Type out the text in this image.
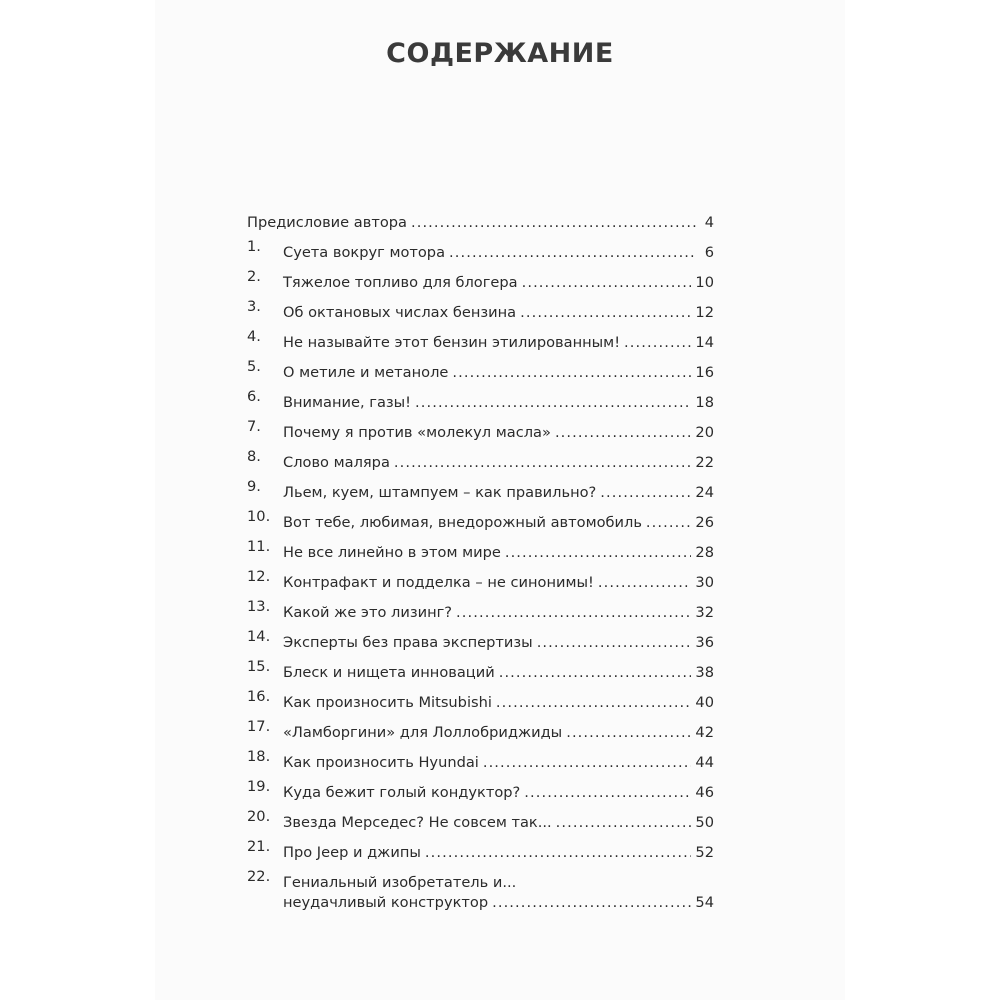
СОДЕРЖАНИЕ
Предисловие автора .....	4
1.	Суета вокруг мотора .....	6
2.	Тяжелое топливо для блогера .....	10
3.	Об октановых числах бензина .....	12
4.	Не называйте этот бензин этилированным! .....	14
5.	О метиле и метаноле .....	16
6.	Внимание, газы! .....	18
7.	Почему я против «молекул масла» .....	20
8.	Слово маляра .....	22
9.	Льем, куем, штампуем – как правильно? .....	24
10. Вот тебе, любимая, внедорожный автомобиль .....	26
11. Не все линейно в этом мире .....	28
12. Контрафакт и подделка – не синонимы! .....	30
13. Какой же это лизинг? .....	32
14. Эксперты без права экспертизы .....	36
15. Блеск и нищета инноваций .....	38
16. Как произносить Mitsubishi .....	40
17. «Ламборгини» для Лоллобриджиды .....	42
18. Как произносить Hyundai .....	44
19. Куда бежит голый кондуктор? .....	46
20. Звезда Мерседес? Не совсем так... .....	50
21. Про Jeep и джипы .....	52
22. Гениальный изобретатель и...
неудачливый конструктор .....	54
